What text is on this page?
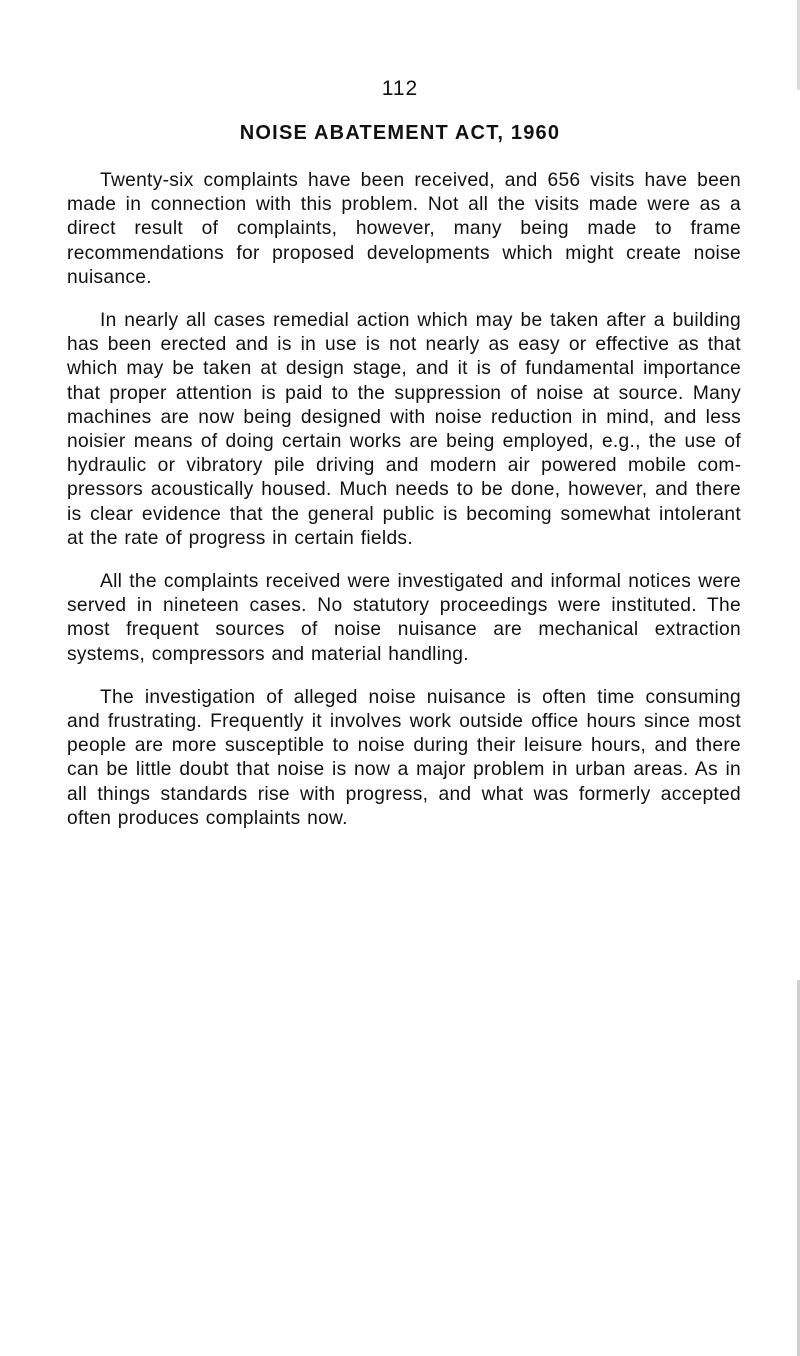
112
NOISE ABATEMENT ACT, 1960

Twenty-six complaints have been received, and 656 visits have been made in connection with this problem. Not all the visits made were as a direct result of complaints, however, many being made to frame recommendations for proposed developments which might create noise nuisance.

In nearly all cases remedial action which may be taken after a building has been erected and is in use is not nearly as easy or effective as that which may be taken at design stage, and it is of fundamental importance that proper attention is paid to the suppression of noise at source. Many machines are now being designed with noise reduction in mind, and less noisier means of doing certain works are being employed, e.g., the use of hydraulic or vibratory pile driving and modern air powered mobile compressors acoustically housed. Much needs to be done, however, and there is clear evidence that the general public is becoming somewhat intolerant at the rate of progress in certain fields.

All the complaints received were investigated and informal notices were served in nineteen cases. No statutory proceedings were instituted. The most frequent sources of noise nuisance are mechanical extraction systems, compressors and material handling.

The investigation of alleged noise nuisance is often time consuming and frustrating. Frequently it involves work outside office hours since most people are more susceptible to noise during their leisure hours, and there can be little doubt that noise is now a major problem in urban areas. As in all things standards rise with progress, and what was formerly accepted often produces complaints now.
